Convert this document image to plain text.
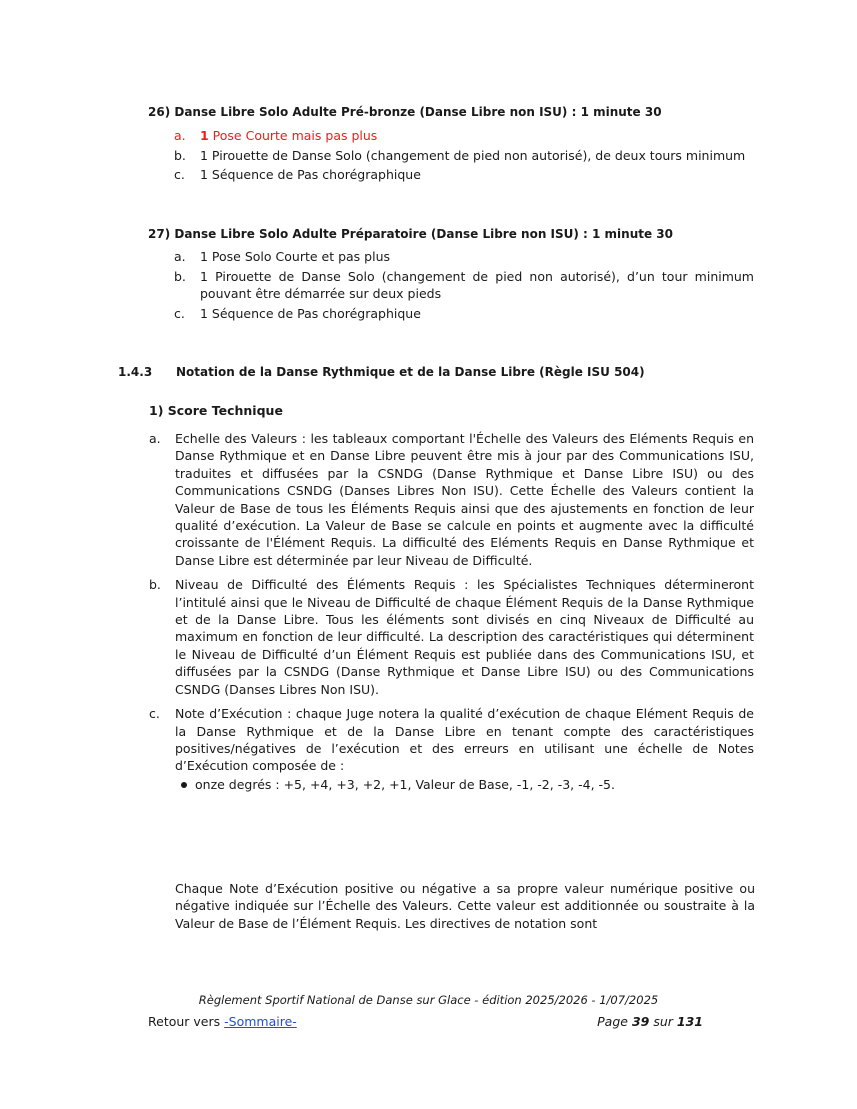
26) Danse Libre Solo Adulte Pré-bronze (Danse Libre non ISU) : 1 minute 30
a. 1 Pose Courte mais pas plus
b. 1 Pirouette de Danse Solo (changement de pied non autorisé), de deux tours minimum
c. 1 Séquence de Pas chorégraphique
27) Danse Libre Solo Adulte Préparatoire (Danse Libre non ISU) : 1 minute 30
a. 1 Pose Solo Courte et pas plus
b. 1 Pirouette de Danse Solo (changement de pied non autorisé), d’un tour minimum pouvant être démarrée sur deux pieds
c. 1 Séquence de Pas chorégraphique
1.4.3 Notation de la Danse Rythmique et de la Danse Libre (Règle ISU 504)
1) Score Technique
a. Echelle des Valeurs : les tableaux comportant l'Échelle des Valeurs des Eléments Requis en Danse Rythmique et en Danse Libre peuvent être mis à jour par des Communications ISU, traduites et diffusées par la CSNDG (Danse Rythmique et Danse Libre ISU) ou des Communications CSNDG (Danses Libres Non ISU). Cette Échelle des Valeurs contient la Valeur de Base de tous les Éléments Requis ainsi que des ajustements en fonction de leur qualité d’exécution. La Valeur de Base se calcule en points et augmente avec la difficulté croissante de l'Élément Requis. La difficulté des Eléments Requis en Danse Rythmique et Danse Libre est déterminée par leur Niveau de Difficulté.
b. Niveau de Difficulté des Éléments Requis : les Spécialistes Techniques détermineront l’intitulé ainsi que le Niveau de Difficulté de chaque Élément Requis de la Danse Rythmique et de la Danse Libre. Tous les éléments sont divisés en cinq Niveaux de Difficulté au maximum en fonction de leur difficulté. La description des caractéristiques qui déterminent le Niveau de Difficulté d’un Élément Requis est publiée dans des Communications ISU, et diffusées par la CSNDG (Danse Rythmique et Danse Libre ISU) ou des Communications CSNDG (Danses Libres Non ISU).
c. Note d’Exécution : chaque Juge notera la qualité d’exécution de chaque Elément Requis de la Danse Rythmique et de la Danse Libre en tenant compte des caractéristiques positives/négatives de l’exécution et des erreurs en utilisant une échelle de Notes d’Exécution composée de :
onze degrés : +5, +4, +3, +2, +1, Valeur de Base, -1, -2, -3, -4, -5.
Chaque Note d’Exécution positive ou négative a sa propre valeur numérique positive ou négative indiquée sur l’Échelle des Valeurs. Cette valeur est additionnée ou soustraite à la Valeur de Base de l’Élément Requis. Les directives de notation sont
Règlement Sportif National de Danse sur Glace - édition 2025/2026 - 1/07/2025
Retour vers -Sommaire-	Page 39 sur 131
